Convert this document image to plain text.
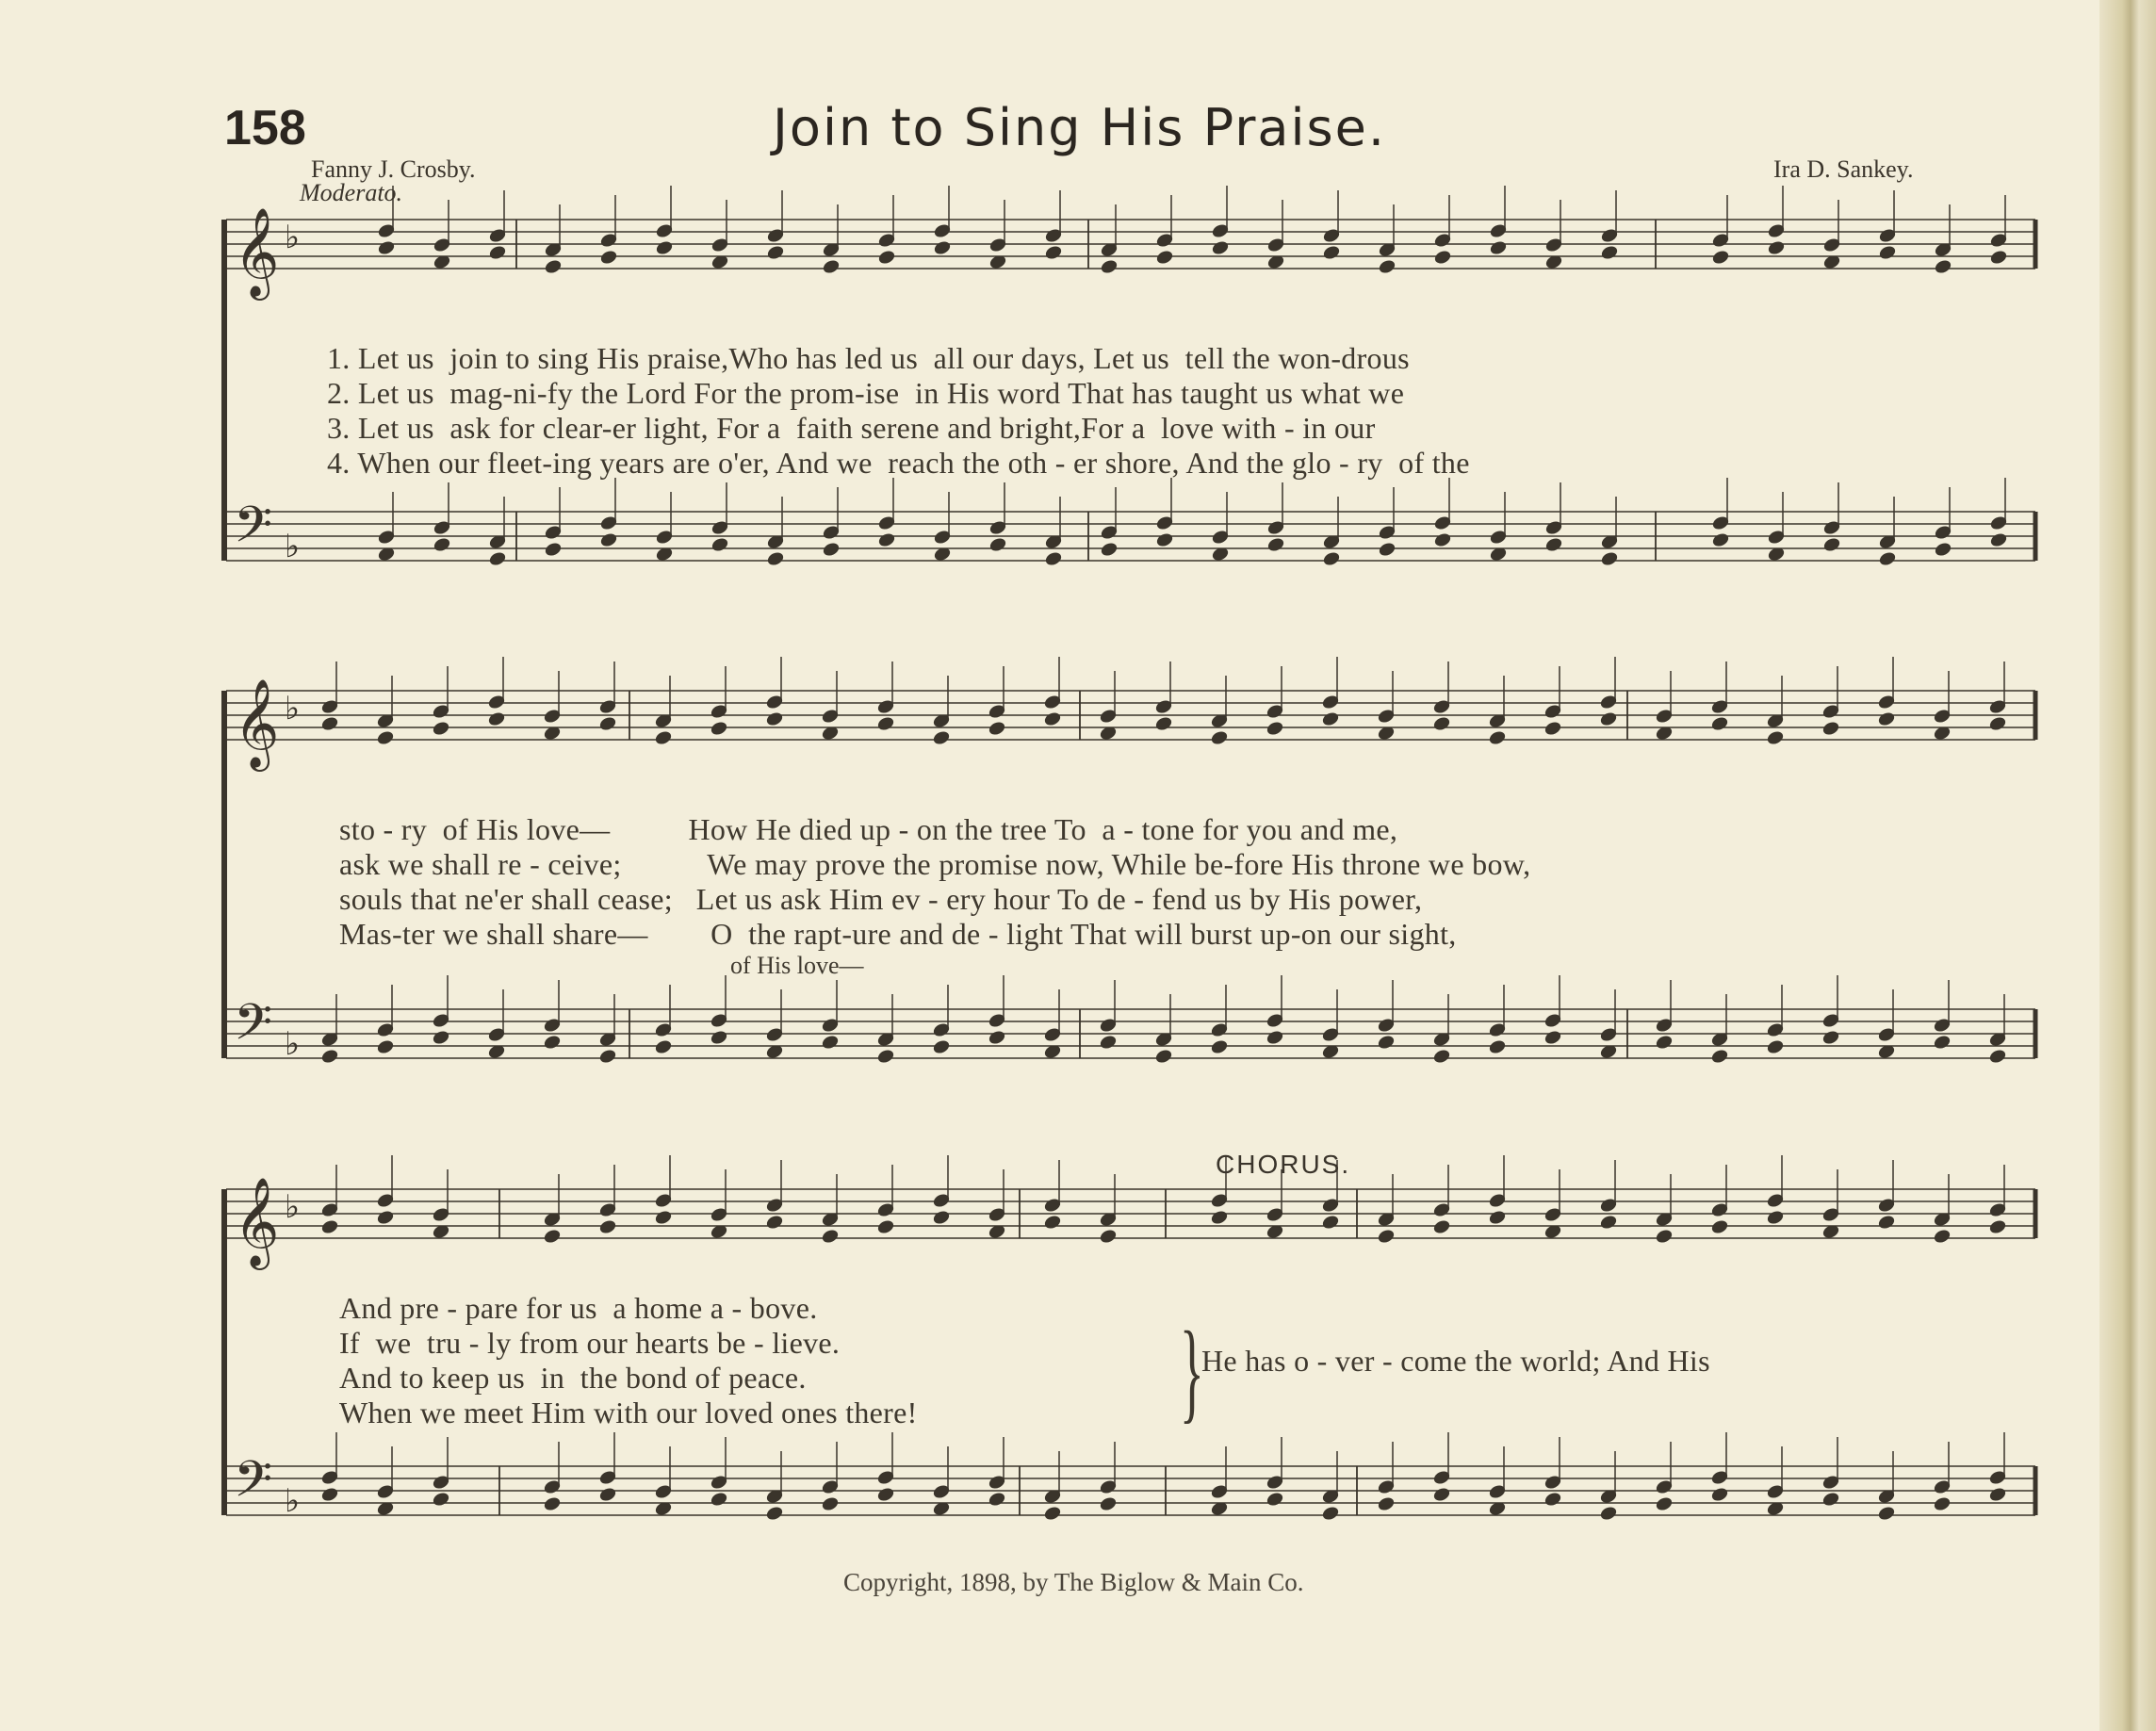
158	Join to Sing His Praise.
Fanny J. Crosby.	Ira D. Sankey.
Moderato.
𝄞 ♭
𝄢 ♭
𝄞 ♭
𝄢 ♭
𝄞 ♭
𝄢 ♭
1. Let us  join to sing His praise,Who has led us  all our days, Let us  tell the won-drous
2. Let us  mag-ni-fy the Lord For the prom-ise  in His word That has taught us what we
3. Let us  ask for clear-er light, For a  faith serene and bright,For a  love with - in our
4. When our fleet-ing years are o'er, And we  reach the oth - er shore, And the glo - ry  of the
sto - ry  of His love—          How He died up - on the tree To  a - tone for you and me,
ask we shall re - ceive;           We may prove the promise now, While be-fore His throne we bow,
souls that ne'er shall cease;   Let us ask Him ev - ery hour To de - fend us by His power,
Mas-ter we shall share—        O  the rapt-ure and de - light That will burst up-on our sight,
of His love—
CHORUS.
And pre - pare for us  a home a - bove.
If  we  tru - ly from our hearts be - lieve.
And to keep us  in  the bond of peace.
When we meet Him with our loved ones there! }
He has o - ver - come the world; And His
Copyright, 1898, by The Biglow & Main Co.
